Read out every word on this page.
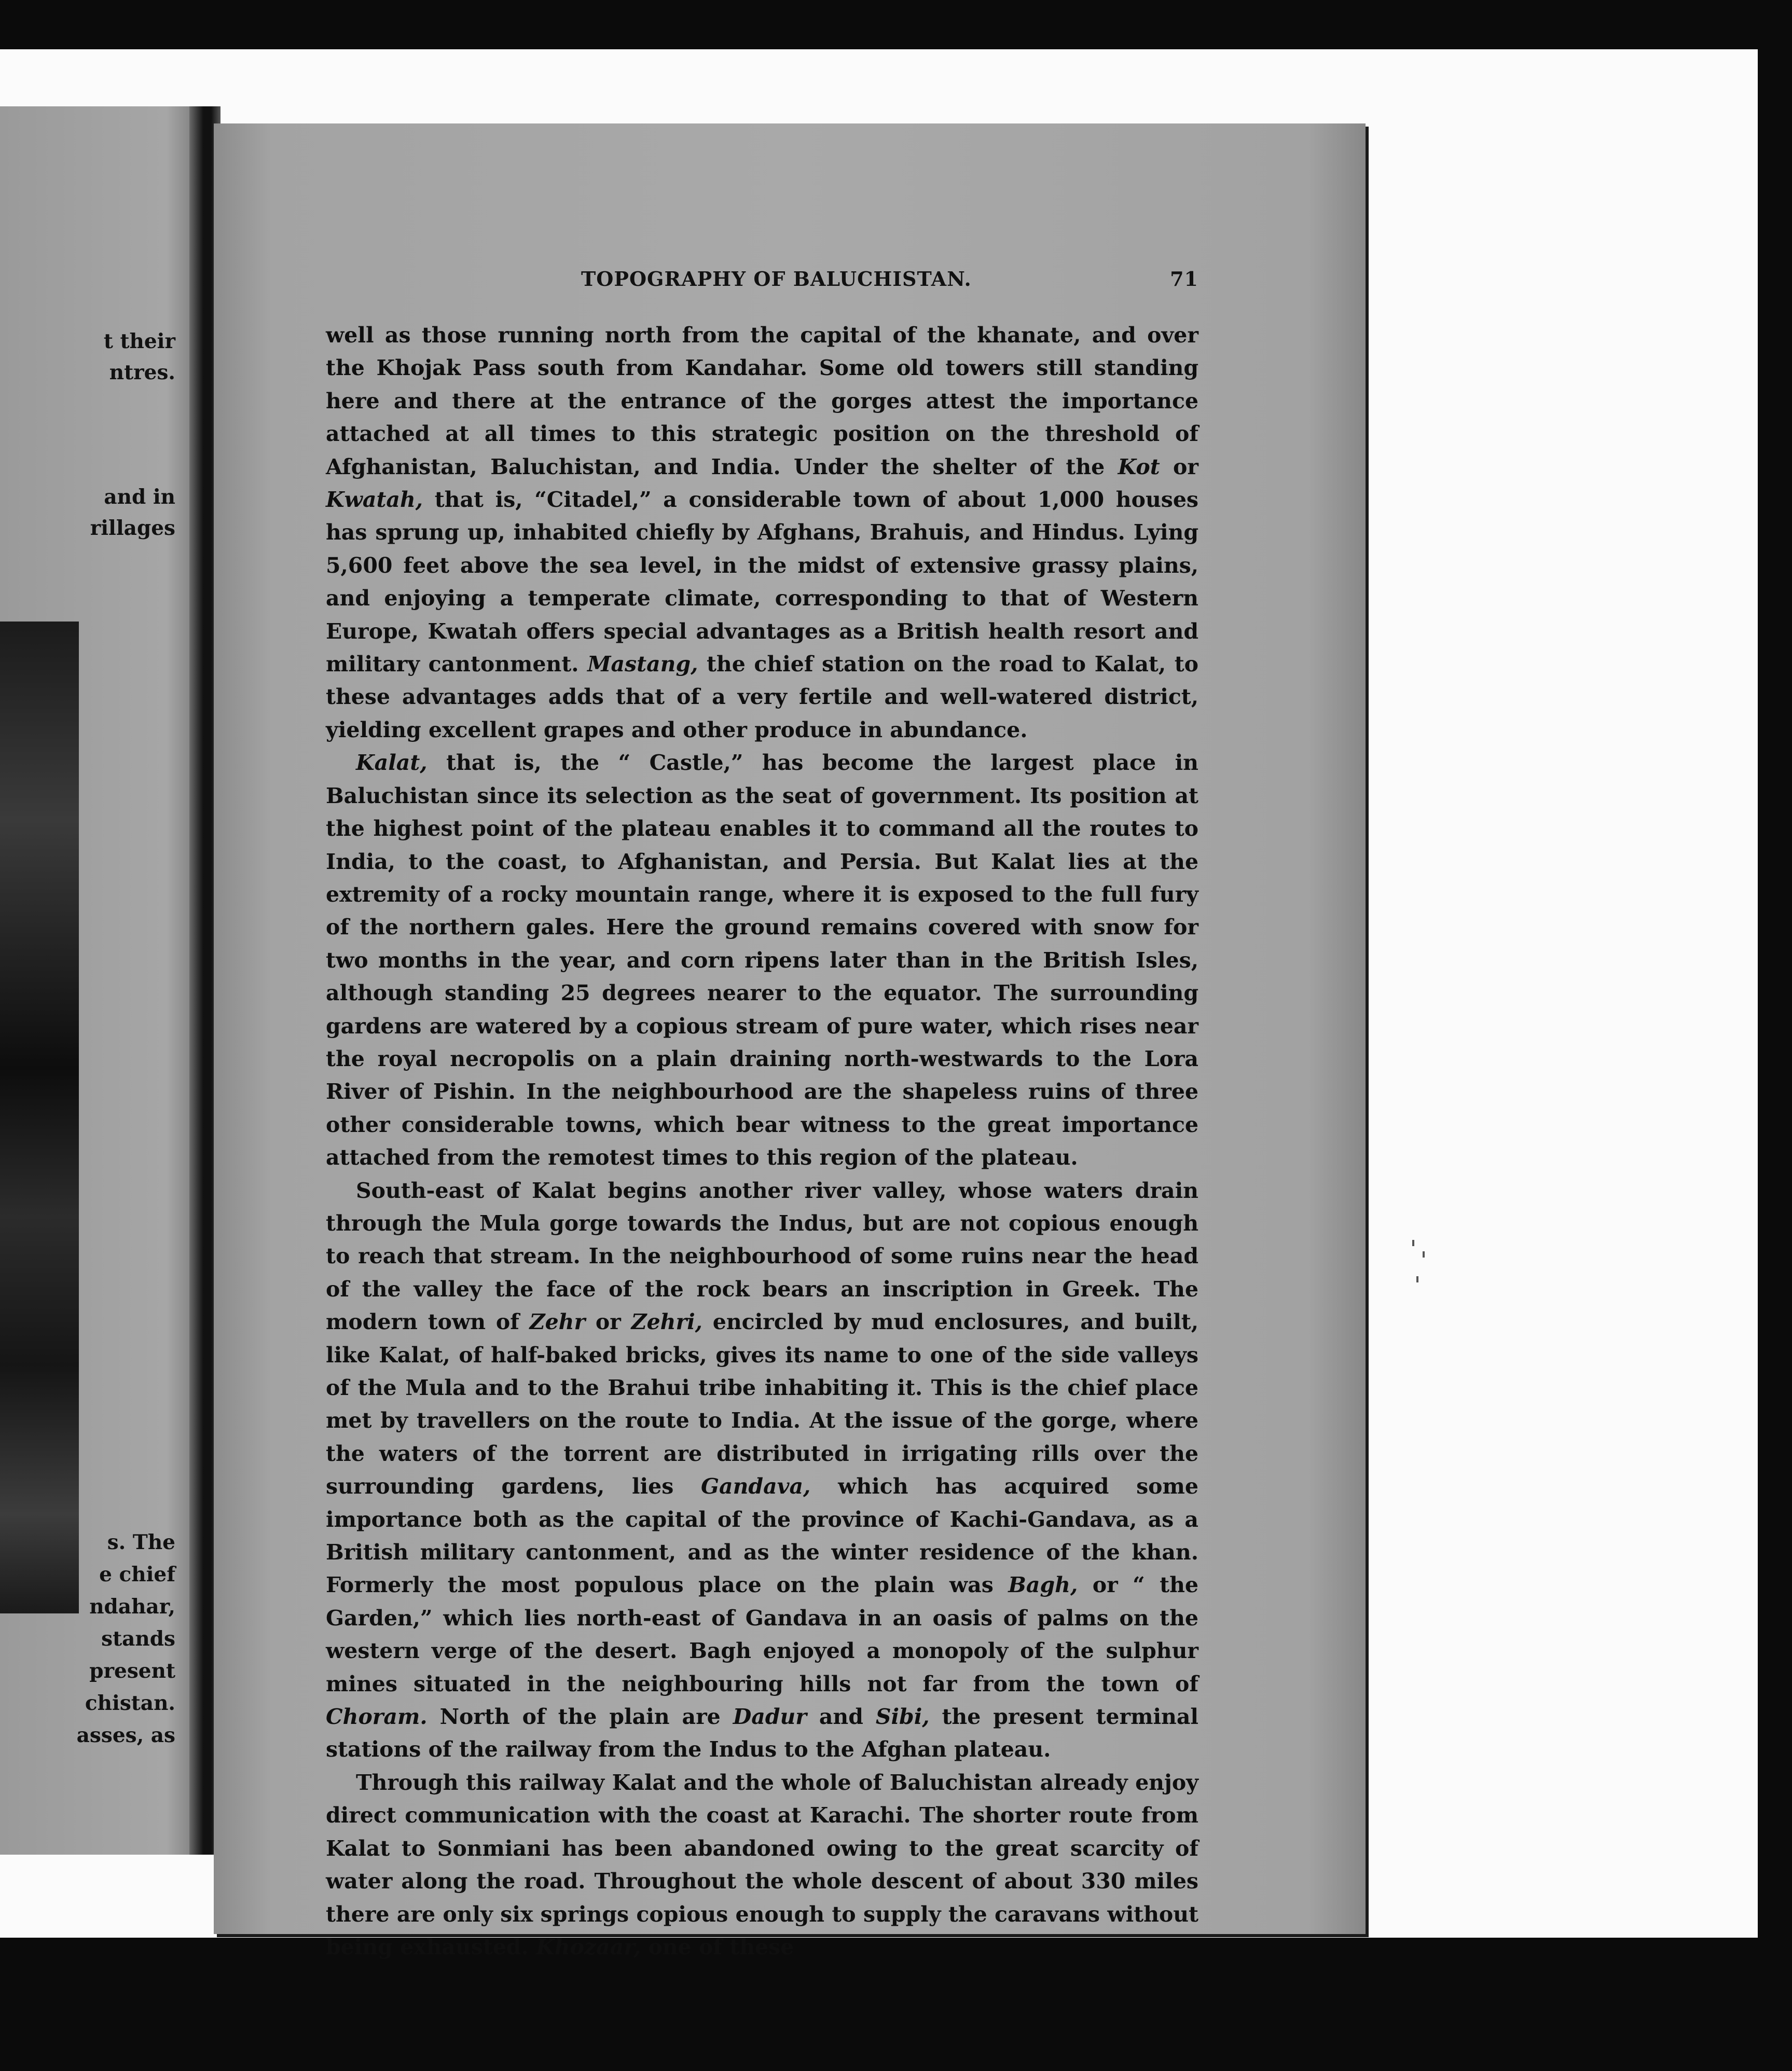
t their
ntres.
and in
rillages
s. The
e chief
ndahar,
stands
present
chistan.
asses, as
TOPOGRAPHY OF BALUCHISTAN.	71

well as those running north from the capital of the khanate, and over the Khojak Pass south from Kandahar. Some old towers still standing here and there at the entrance of the gorges attest the importance attached at all times to this strategic position on the threshold of Afghanistan, Baluchistan, and India. Under the shelter of the Kot or Kwatah, that is, “Citadel,” a considerable town of about 1,000 houses has sprung up, inhabited chiefly by Afghans, Brahuis, and Hindus. Lying 5,600 feet above the sea level, in the midst of extensive grassy plains, and enjoying a temperate climate, corresponding to that of Western Europe, Kwatah offers special advantages as a British health resort and military cantonment. Mastang, the chief station on the road to Kalat, to these advantages adds that of a very fertile and well-watered district, yielding excellent grapes and other produce in abundance.

Kalat, that is, the “ Castle,” has become the largest place in Baluchistan since its selection as the seat of government. Its position at the highest point of the plateau enables it to command all the routes to India, to the coast, to Afghanistan, and Persia. But Kalat lies at the extremity of a rocky mountain range, where it is exposed to the full fury of the northern gales. Here the ground remains covered with snow for two months in the year, and corn ripens later than in the British Isles, although standing 25 degrees nearer to the equator. The surrounding gardens are watered by a copious stream of pure water, which rises near the royal necropolis on a plain draining north-westwards to the Lora River of Pishin. In the neighbourhood are the shapeless ruins of three other considerable towns, which bear witness to the great importance attached from the remotest times to this region of the plateau.

South-east of Kalat begins another river valley, whose waters drain through the Mula gorge towards the Indus, but are not copious enough to reach that stream. In the neighbourhood of some ruins near the head of the valley the face of the rock bears an inscription in Greek. The modern town of Zehr or Zehri, encircled by mud enclosures, and built, like Kalat, of half-baked bricks, gives its name to one of the side valleys of the Mula and to the Brahui tribe inhabiting it. This is the chief place met by travellers on the route to India. At the issue of the gorge, where the waters of the torrent are distributed in irrigating rills over the surrounding gardens, lies Gandava, which has acquired some importance both as the capital of the province of Kachi-Gandava, as a British military cantonment, and as the winter residence of the khan. Formerly the most populous place on the plain was Bagh, or “ the Garden,” which lies north-east of Gandava in an oasis of palms on the western verge of the desert. Bagh enjoyed a monopoly of the sulphur mines situated in the neighbouring hills not far from the town of Choram. North of the plain are Dadur and Sibi, the present terminal stations of the railway from the Indus to the Afghan plateau.

Through this railway Kalat and the whole of Baluchistan already enjoy direct communication with the coast at Karachi. The shorter route from Kalat to Sonmiani has been abandoned owing to the great scarcity of water along the road. Throughout the whole descent of about 330 miles there are only six springs copious enough to supply the caravans without being exhausted. Khozaar, one of these
